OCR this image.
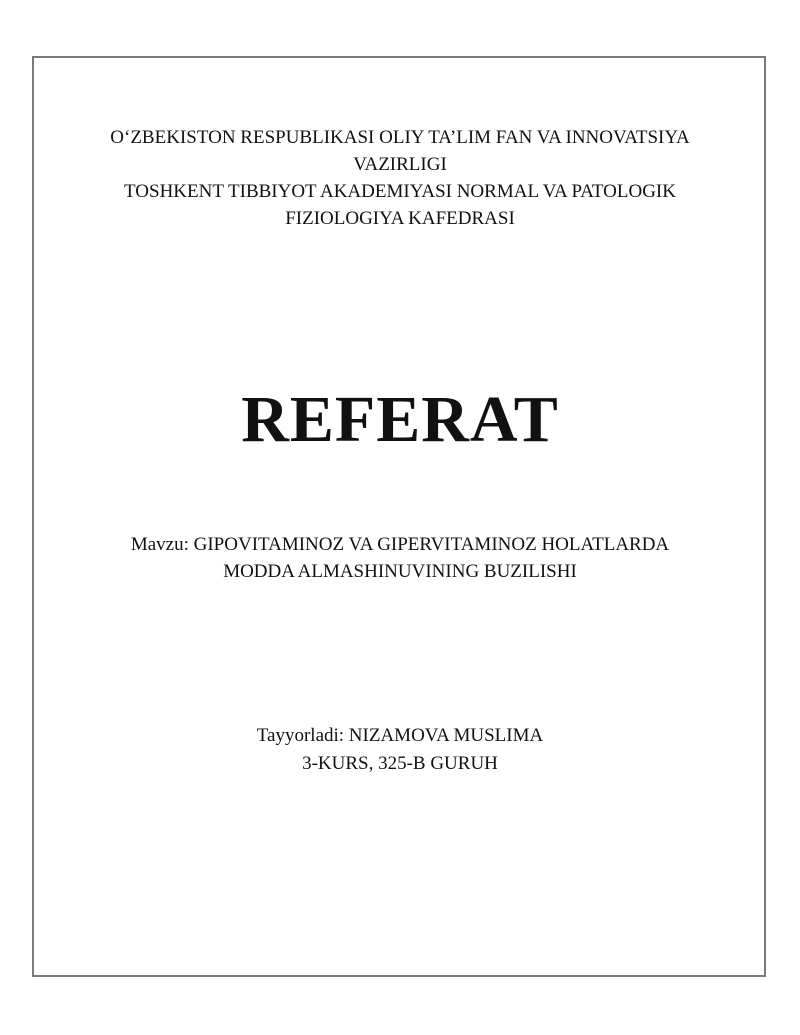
O‘ZBEKISTON RESPUBLIKASI OLIY TA’LIM FAN VA INNOVATSIYA
VAZIRLIGI
TOSHKENT TIBBIYOT AKADEMIYASI NORMAL VA PATOLOGIK
FIZIOLOGIYA KAFEDRASI
REFERAT
Mavzu: GIPOVITAMINOZ VA GIPERVITAMINOZ HOLATLARDA
MODDA ALMASHINUVINING BUZILISHI
Tayyorladi: NIZAMOVA MUSLIMA
3-KURS, 325-B GURUH
